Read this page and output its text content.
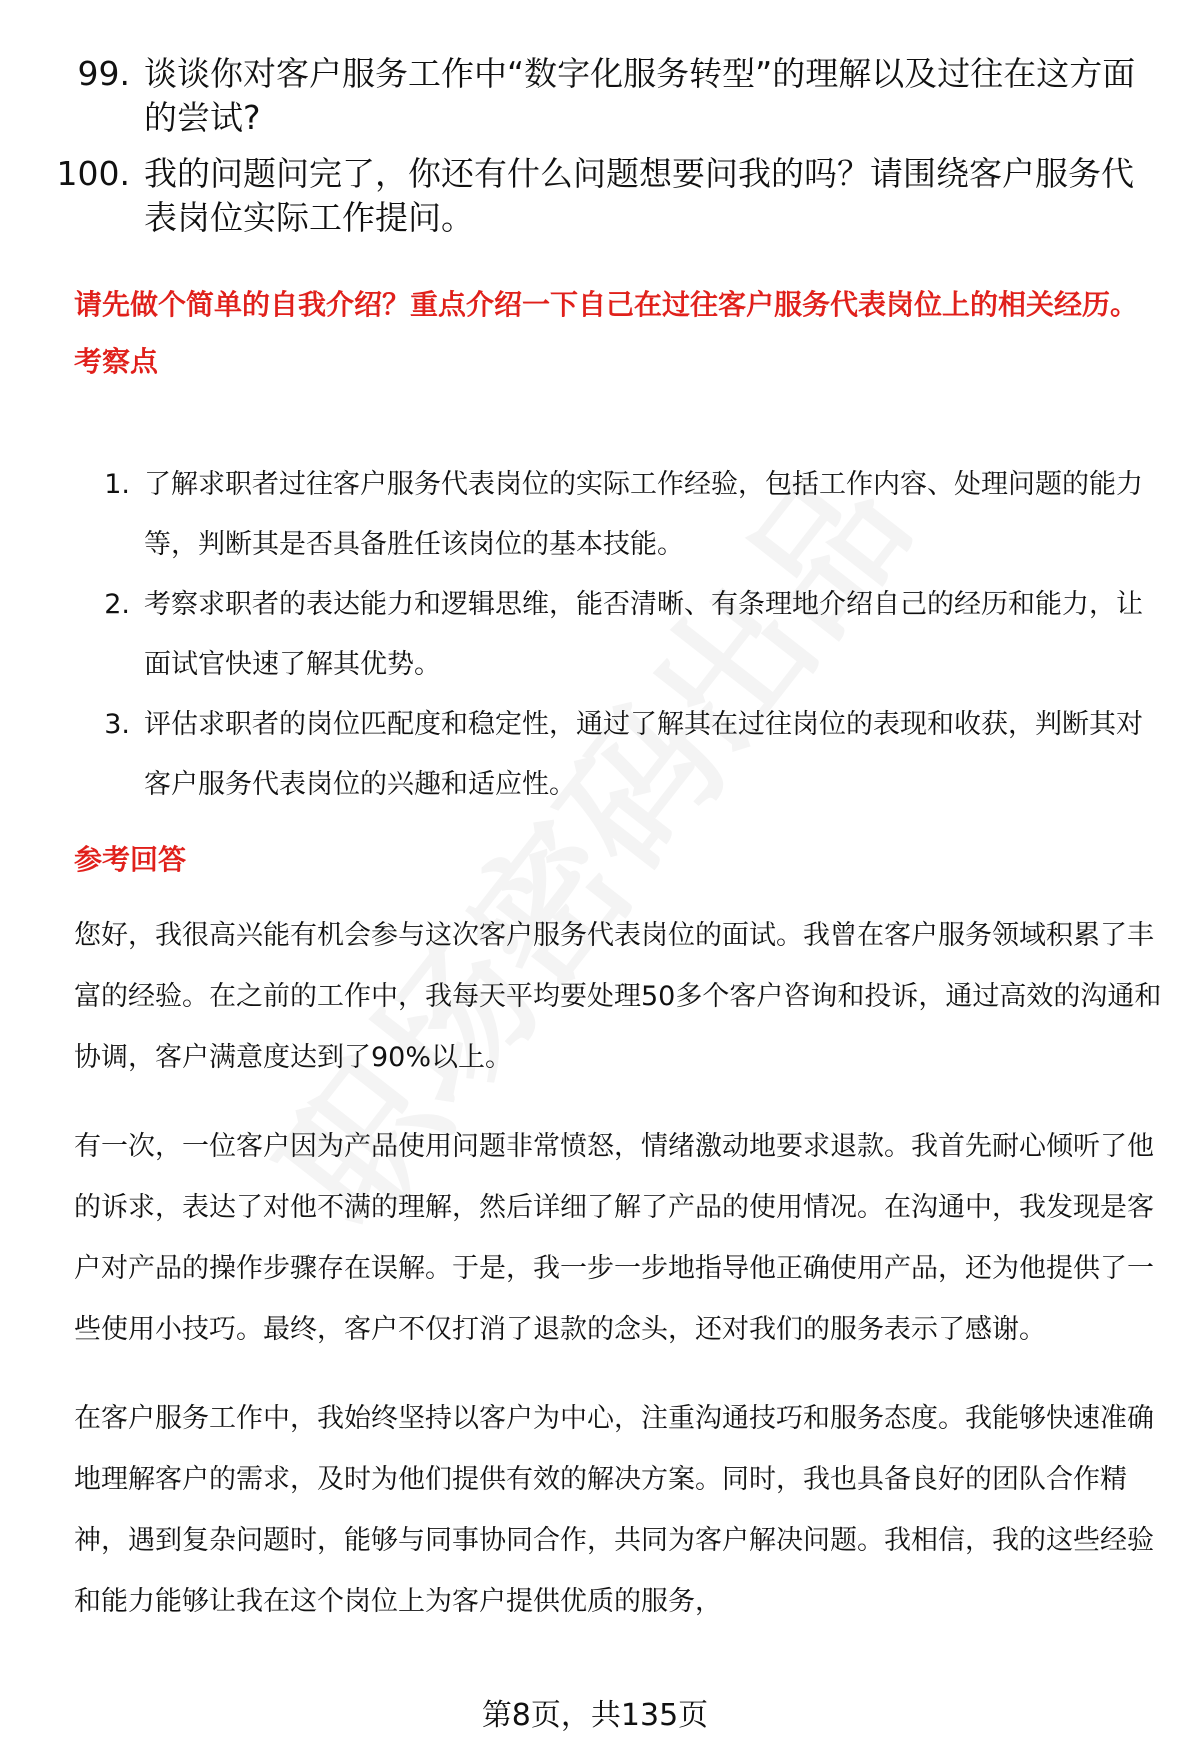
99. 谈谈你对客户服务工作中“数字化服务转型”的理解以及过往在这方面的尝试?
100. 我的问题问完了，你还有什么问题想要问我的吗？请围绕客户服务代表岗位实际工作提问。
请先做个简单的自我介绍？重点介绍一下自己在过往客户服务代表岗位上的相关经历。
考察点
1. 了解求职者过往客户服务代表岗位的实际工作经验，包括工作内容、处理问题的能力等，判断其是否具备胜任该岗位的基本技能。
2. 考察求职者的表达能力和逻辑思维，能否清晰、有条理地介绍自己的经历和能力，让面试官快速了解其优势。
3. 评估求职者的岗位匹配度和稳定性，通过了解其在过往岗位的表现和收获，判断其对客户服务代表岗位的兴趣和适应性。
参考回答

您好，我很高兴能有机会参与这次客户服务代表岗位的面试。我曾在客户服务领域积累了丰富的经验。在之前的工作中，我每天平均要处理50多个客户咨询和投诉，通过高效的沟通和协调，客户满意度达到了90%以上。

有一次，一位客户因为产品使用问题非常愤怒，情绪激动地要求退款。我首先耐心倾听了他的诉求，表达了对他不满的理解，然后详细了解了产品的使用情况。在沟通中，我发现是客户对产品的操作步骤存在误解。于是，我一步一步地指导他正确使用产品，还为他提供了一些使用小技巧。最终，客户不仅打消了退款的念头，还对我们的服务表示了感谢。

在客户服务工作中，我始终坚持以客户为中心，注重沟通技巧和服务态度。我能够快速准确地理解客户的需求，及时为他们提供有效的解决方案。同时，我也具备良好的团队合作精神，遇到复杂问题时，能够与同事协同合作，共同为客户解决问题。我相信，我的这些经验和能力能够让我在这个岗位上为客户提供优质的服务，

第8页，共135页
